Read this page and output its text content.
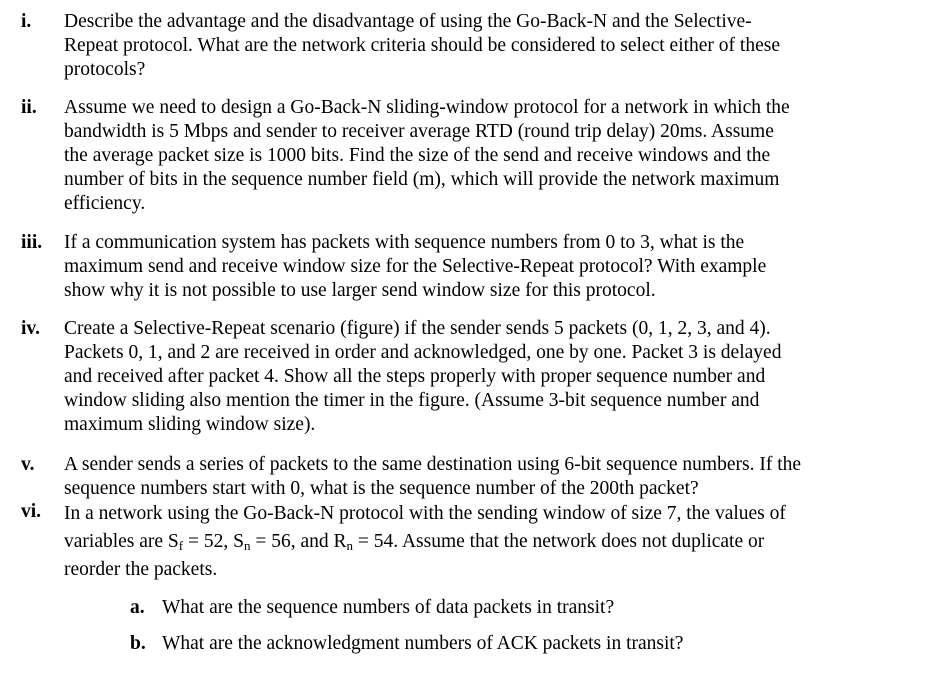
i. Describe the advantage and the disadvantage of using the Go-Back-N and the Selective-
Repeat protocol. What are the network criteria should be considered to select either of these
protocols?
ii. Assume we need to design a Go-Back-N sliding-window protocol for a network in which the
bandwidth is 5 Mbps and sender to receiver average RTD (round trip delay) 20ms. Assume
the average packet size is 1000 bits. Find the size of the send and receive windows and the
number of bits in the sequence number field (m), which will provide the network maximum
efficiency.
iii. If a communication system has packets with sequence numbers from 0 to 3, what is the
maximum send and receive window size for the Selective-Repeat protocol? With example
show why it is not possible to use larger send window size for this protocol.
iv. Create a Selective-Repeat scenario (figure) if the sender sends 5 packets (0, 1, 2, 3, and 4).
Packets 0, 1, and 2 are received in order and acknowledged, one by one. Packet 3 is delayed
and received after packet 4. Show all the steps properly with proper sequence number and
window sliding also mention the timer in the figure. (Assume 3-bit sequence number and
maximum sliding window size).
v. A sender sends a series of packets to the same destination using 6-bit sequence numbers. If the
sequence numbers start with 0, what is the sequence number of the 200th packet?
vi. In a network using the Go-Back-N protocol with the sending window of size 7, the values of
variables are $S_f = 52$, $S_n = 56$, and $R_n = 54$. Assume that the network does not duplicate or
reorder the packets.
a. What are the sequence numbers of data packets in transit?
b. What are the acknowledgment numbers of ACK packets in transit?
